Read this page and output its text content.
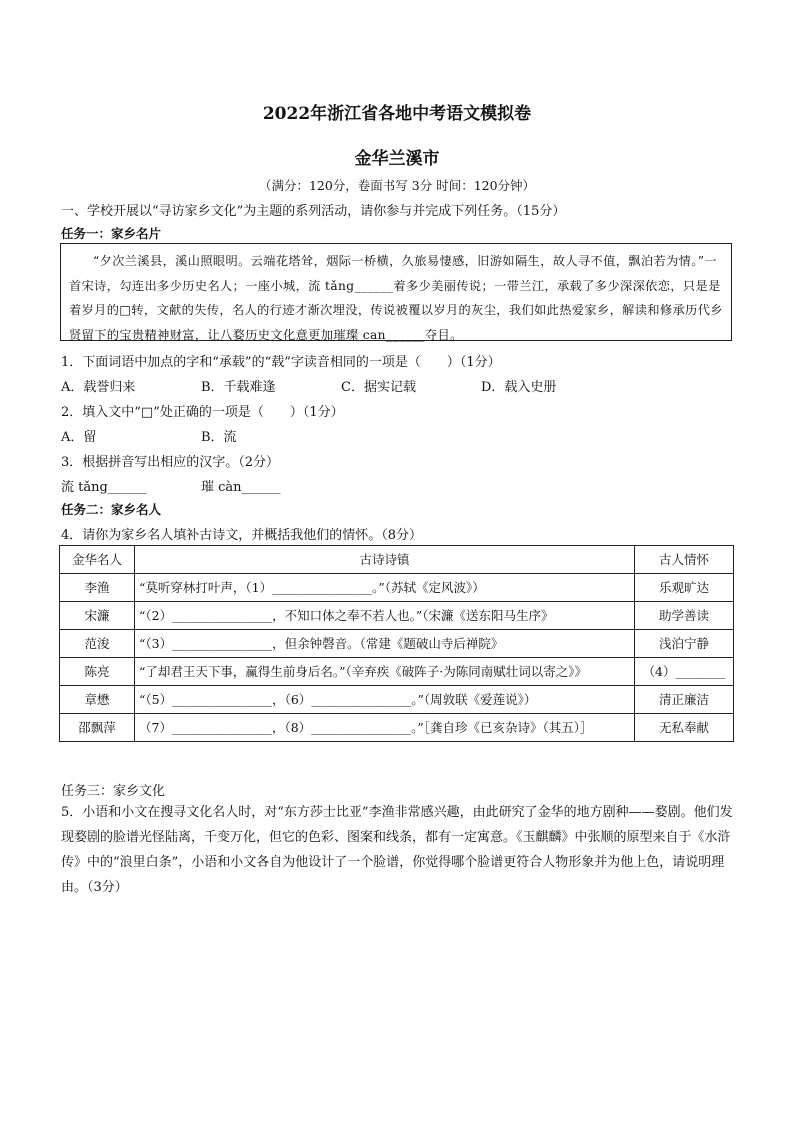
2022年浙江省各地中考语文模拟卷
金华兰溪市
（满分：120分，卷面书写 3分 时间：120分钟）
一、学校开展以“寻访家乡文化”为主题的系列活动，请你参与并完成下列任务。（15分）
任务一：家乡名片

“夕次兰溪县，溪山照眼明。云端花塔耸，烟际一桥横，久旅易悽感，旧游如隔生，故人寻不值，飘泊若为情。”一首宋诗，勾连出多少历史名人；一座小城，流 tǎng______着多少美丽传说；一带兰江，承载了多少深深依恋，只是是着岁月的□转，文献的失传，名人的行迹才渐次埋没，传说被覆以岁月的灰尘，我们如此热爱家乡，解读和修承历代乡贤留下的宝贵精神财富，让八婺历史文化意更加璀璨 can______夺目。

1．下面词语中加点的字和“承载”的“载”字读音相同的一项是（　　）（1分）
A．载誉归来	B．千载难逢	C．据实记载	D．载入史册
2．填入文中“□”处正确的一项是（　　）（1分）
A．留	B．流
3．根据拼音写出相应的汉字。（2分）
流 tǎng______	璀 càn______
任务二：家乡名人
4．请你为家乡名人填补古诗文，并概括我他们的情怀。（8分）
金华名人	古诗诗镇	古人情怀
李渔	“莫听穿林打叶声，（1）________________。”（苏轼《定风波》）	乐观旷达
宋濂	“（2）________________，不知口体之奉不若人也。”（宋濂《送东阳马生序》	助学善读
范浚	“（3）________________，但余钟磬音。（常建《题破山寺后禅院》	浅泊宁静
陈亮	“了却君王天下事，赢得生前身后名。”（辛弃疾《破阵子·为陈同南赋壮词以寄之》》	（4）________
章懋	“（5）________________，（6）________________。”（周敦联《爱莲说》）	清正廉洁
邵飘萍	（7）________________，（8）________________。”［龚自珍《已亥杂诗》（其五）］	无私奉献
任务三：家乡文化
5．小语和小文在搜寻文化名人时，对“东方莎士比亚”李渔非常感兴趣，由此研究了金华的地方剧种——婺剧。他们发现婺剧的脸谱光怪陆离，千变万化，但它的色彩、图案和线条，都有一定寓意。《玉麒麟》中张顺的原型来自于《水浒传》中的“浪里白条”，小语和小文各自为他设计了一个脸谱，你觉得哪个脸谱更符合人物形象并为他上色，请说明理由。（3分）
